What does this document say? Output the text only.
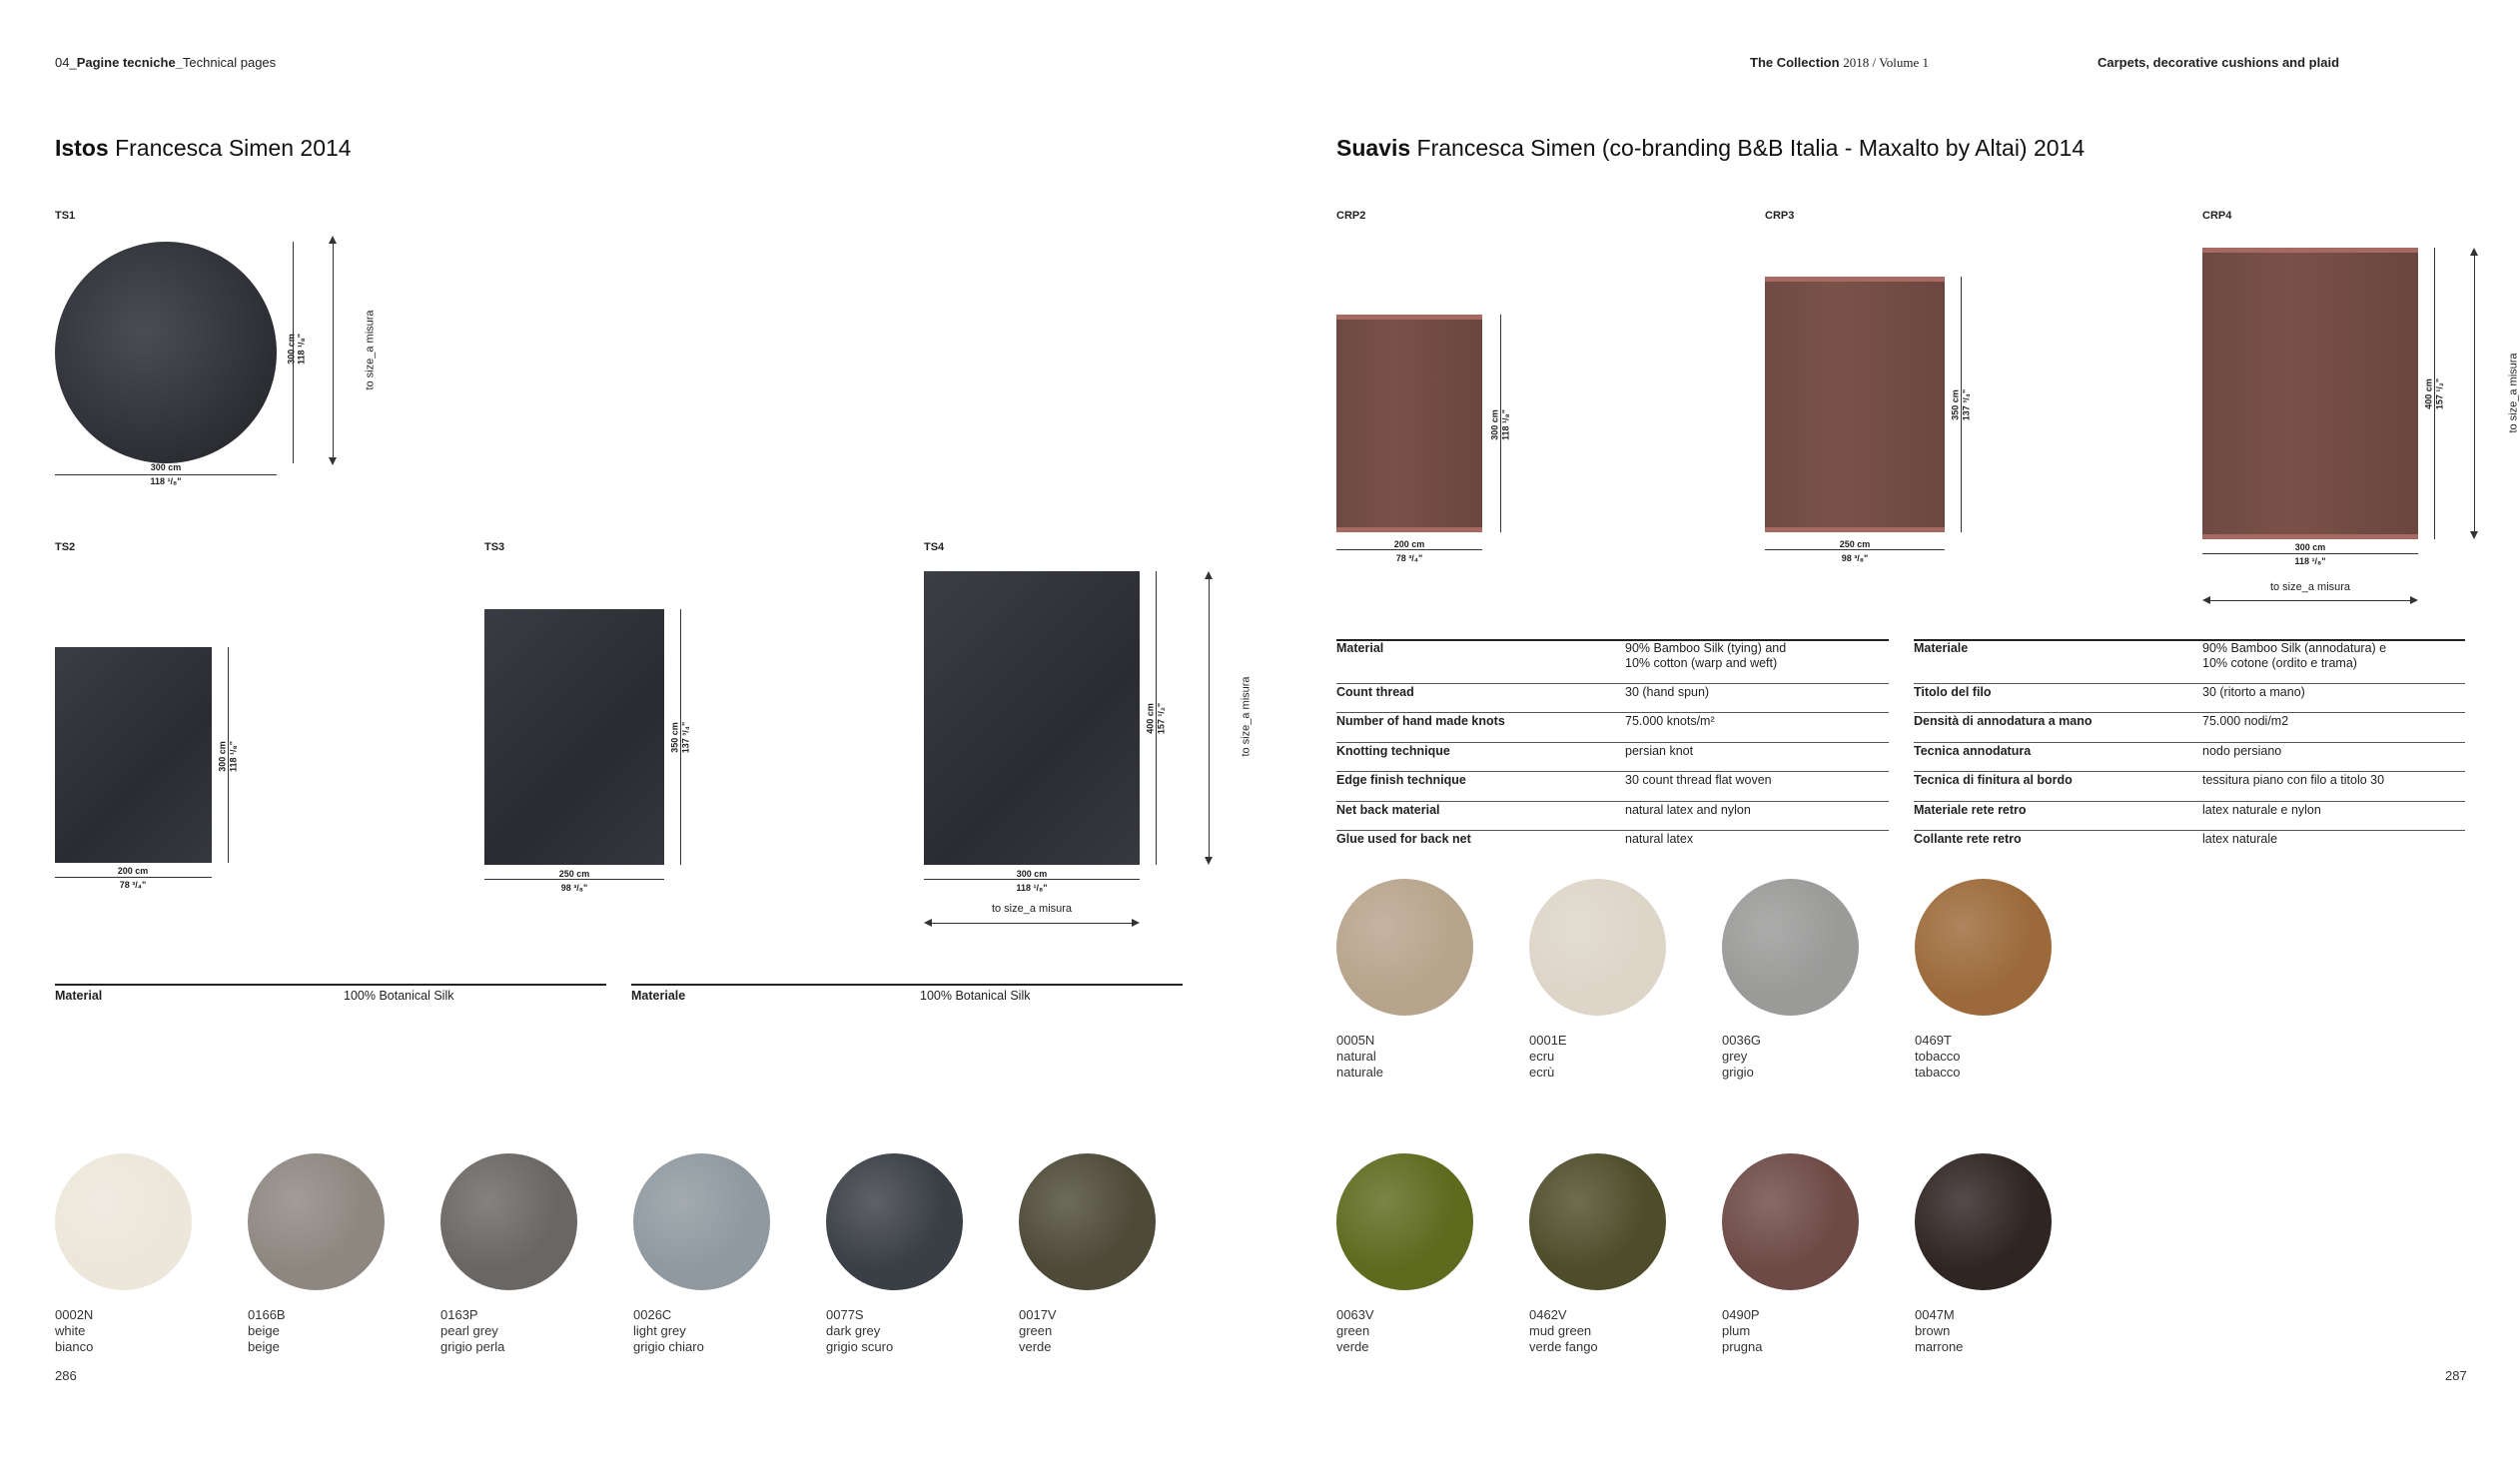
04_Pagine tecniche_Technical pages	The Collection 2018 / Volume 1	Carpets, decorative cushions and plaid
Istos Francesca Simen 2014
TS1
300 cm
118 ¹/₈"
300 cm 118 ¹/₈"	to size_a misura
TS2
200 cm
78 ³/₄"
300 cm 118 ¹/₈"
TS3
250 cm
98 ³/₈"
350 cm 137 ³/₄"
TS4
300 cm
118 ¹/₈"
400 cm 157 ¹/₂"	to size_a misura
to size_a misura
Material	100% Botanical Silk	Materiale	100% Botanical Silk
0002N
white
bianco
0166B
beige
beige
0163P
pearl grey
grigio perla
0026C
light grey
grigio chiaro
0077S
dark grey
grigio scuro
0017V
green
verde
286
Suavis Francesca Simen (co-branding B&B Italia - Maxalto by Altai) 2014
CRP2
200 cm
78 ³/₄"
300 cm 118 ¹/₈"
CRP3
250 cm
98 ³/₈"
350 cm 137 ³/₄"
CRP4
300 cm
118 ¹/₈"
400 cm 157 ¹/₂"	to size_a misura
to size_a misura
Material	90% Bamboo Silk (tying) and
10% cotton (warp and weft)
Count thread	30 (hand spun)
Number of hand made knots	75.000 knots/m²
Knotting technique	persian knot
Edge finish technique	30 count thread flat woven
Net back material	natural latex and nylon
Glue used for back net	natural latex
Materiale	90% Bamboo Silk (annodatura) e
10% cotone (ordito e trama)
Titolo del filo	30 (ritorto a mano)
Densità di annodatura a mano	75.000 nodi/m2
Tecnica annodatura	nodo persiano
Tecnica di finitura al bordo	tessitura piano con filo a titolo 30
Materiale rete retro	latex naturale e nylon
Collante rete retro	latex naturale
0005N
natural
naturale
0001E
ecru
ecrù
0036G
grey
grigio
0469T
tobacco
tabacco
0063V
green
verde
0462V
mud green
verde fango
0490P
plum
prugna
0047M
brown
marrone
287
